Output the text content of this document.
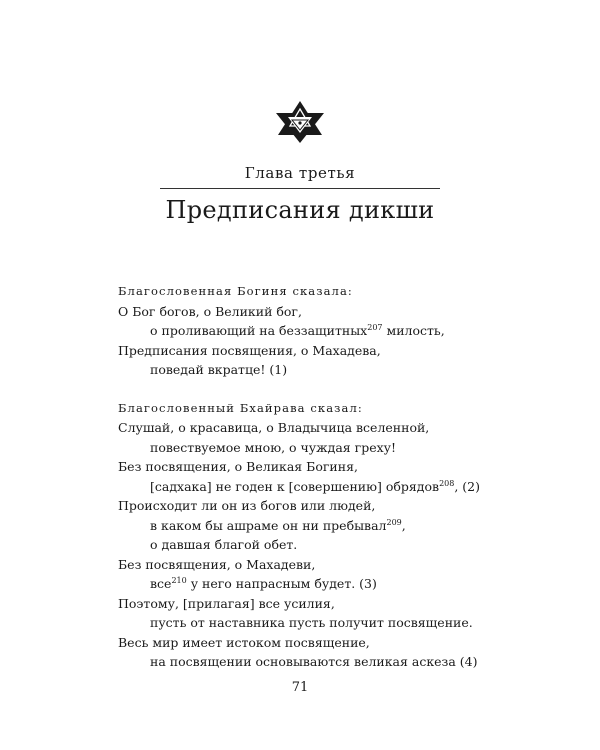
Глава третья
Предписания дикши
Благословенная Богиня сказала:
О Бог богов, о Великий бог,
о проливающий на беззащитных$^{207}$ милость,
Предписания посвящения, о Махадева,
поведай вкратце! (1)
Благословенный Бхайрава сказал:
Слушай, о красавица, о Владычица вселенной,
повествуемое мною, о чуждая греху!
Без посвящения, о Великая Богиня,
[садхака] не годен к [совершению] обрядов$^{208}$, (2)
Происходит ли он из богов или людей,
в каком бы ашраме он ни пребывал$^{209}$,
о давшая благой обет.
Без посвящения, о Махадеви,
все$^{210}$ у него напрасным будет. (3)
Поэтому, [прилагая] все усилия,
пусть от наставника пусть получит посвящение.
Весь мир имеет истоком посвящение,
на посвящении основываются великая аскеза (4)
71
